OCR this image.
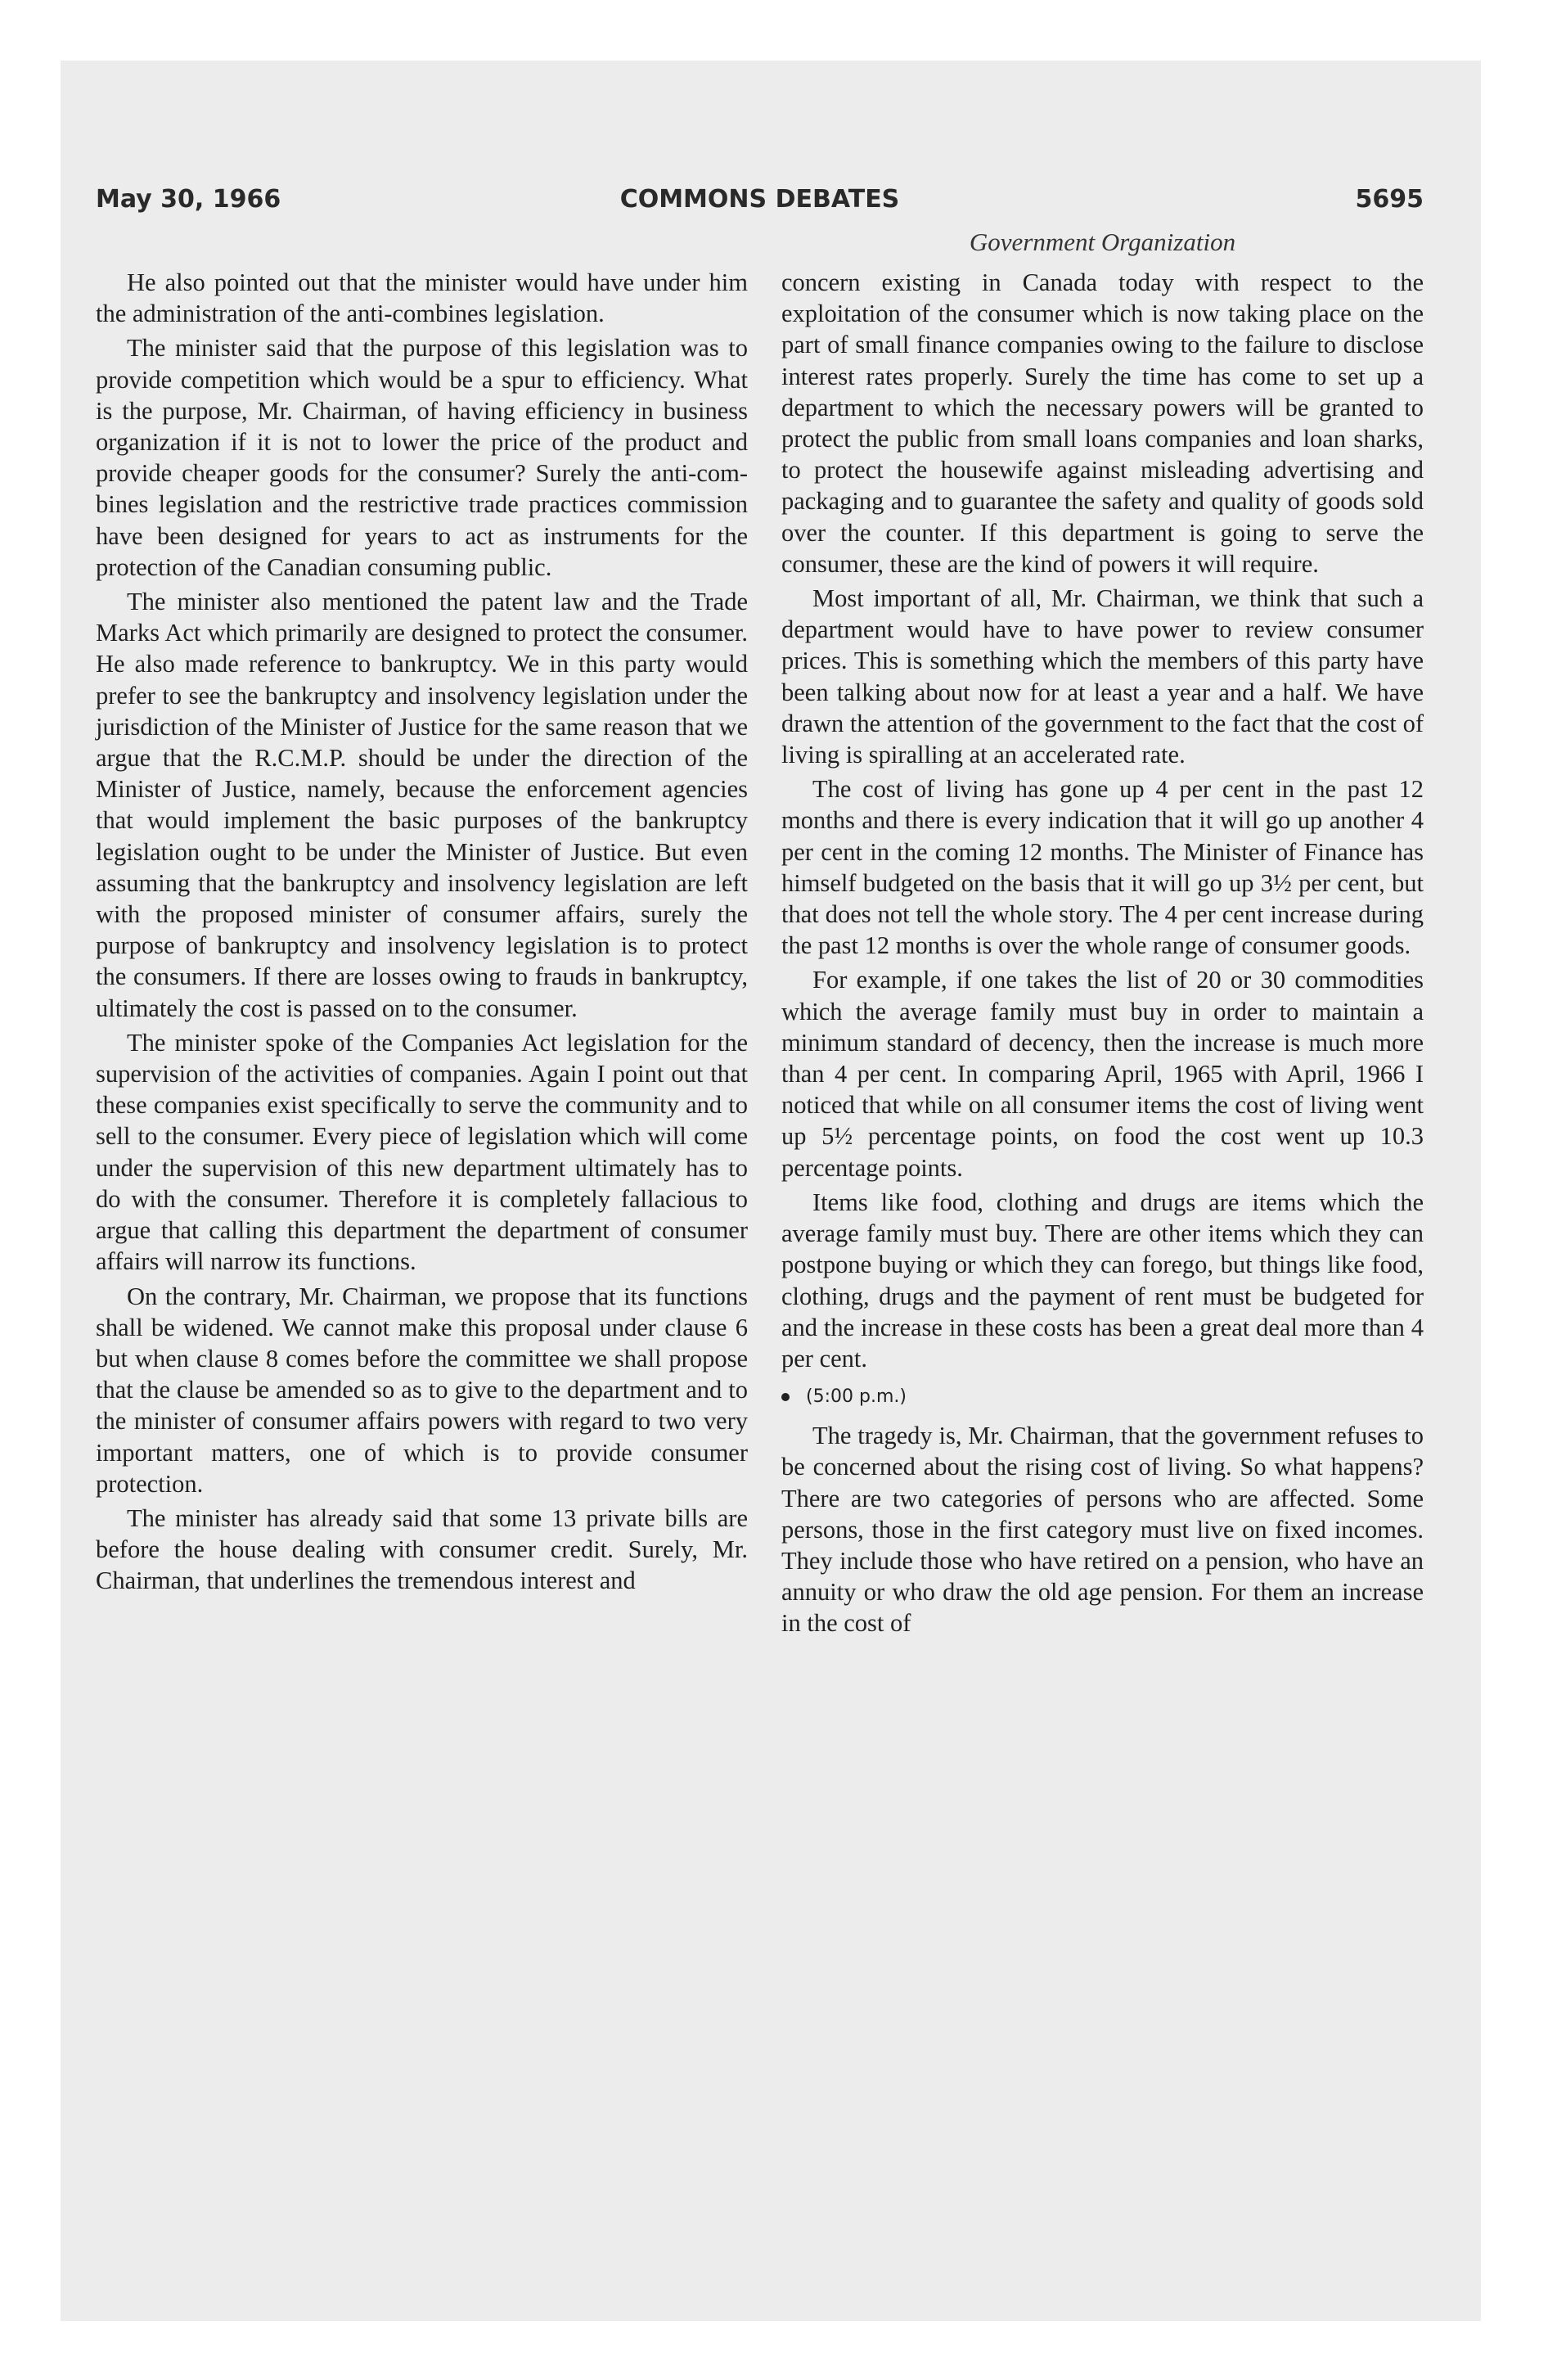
May 30, 1966	COMMONS DEBATES	5695
Government Organization

He also pointed out that the minister would have under him the administration of the anti-combines legislation.

The minister said that the purpose of this legislation was to provide competition which would be a spur to efficiency. What is the purpose, Mr. Chairman, of having efficiency in business organization if it is not to lower the price of the product and provide cheaper goods for the consumer? Surely the anti-combines legislation and the restrictive trade practices commission have been designed for years to act as instruments for the protection of the Canadian consuming public.

The minister also mentioned the patent law and the Trade Marks Act which primarily are designed to protect the consumer. He also made reference to bankruptcy. We in this party would prefer to see the bankruptcy and insolvency legislation under the jurisdiction of the Minister of Justice for the same reason that we argue that the R.C.M.P. should be under the direction of the Minister of Justice, namely, because the enforcement agencies that would implement the basic purposes of the bankruptcy legislation ought to be under the Minister of Justice. But even assuming that the bankruptcy and insolvency legislation are left with the proposed minister of consumer affairs, surely the purpose of bankruptcy and insolvency legislation is to protect the consumers. If there are losses owing to frauds in bankruptcy, ultimately the cost is passed on to the consumer.

The minister spoke of the Companies Act legislation for the supervision of the activities of companies. Again I point out that these companies exist specifically to serve the community and to sell to the consumer. Every piece of legislation which will come under the supervision of this new department ultimately has to do with the consumer. Therefore it is completely fallacious to argue that calling this department the department of consumer affairs will narrow its functions.

On the contrary, Mr. Chairman, we propose that its functions shall be widened. We cannot make this proposal under clause 6 but when clause 8 comes before the committee we shall propose that the clause be amended so as to give to the department and to the minister of consumer affairs powers with regard to two very important matters, one of which is to provide consumer protection.

The minister has already said that some 13 private bills are before the house dealing with consumer credit. Surely, Mr. Chairman, that underlines the tremendous interest and

concern existing in Canada today with respect to the exploitation of the consumer which is now taking place on the part of small finance companies owing to the failure to disclose interest rates properly. Surely the time has come to set up a department to which the necessary powers will be granted to protect the public from small loans companies and loan sharks, to protect the housewife against misleading advertising and packaging and to guarantee the safety and quality of goods sold over the counter. If this department is going to serve the consumer, these are the kind of powers it will require.

Most important of all, Mr. Chairman, we think that such a department would have to have power to review consumer prices. This is something which the members of this party have been talking about now for at least a year and a half. We have drawn the attention of the government to the fact that the cost of living is spiralling at an accelerated rate.

The cost of living has gone up 4 per cent in the past 12 months and there is every indication that it will go up another 4 per cent in the coming 12 months. The Minister of Finance has himself budgeted on the basis that it will go up 3½ per cent, but that does not tell the whole story. The 4 per cent increase during the past 12 months is over the whole range of consumer goods.

For example, if one takes the list of 20 or 30 commodities which the average family must buy in order to maintain a minimum standard of decency, then the increase is much more than 4 per cent. In comparing April, 1965 with April, 1966 I noticed that while on all consumer items the cost of living went up 5½ percentage points, on food the cost went up 10.3 percentage points.

Items like food, clothing and drugs are items which the average family must buy. There are other items which they can postpone buying or which they can forego, but things like food, clothing, drugs and the payment of rent must be budgeted for and the increase in these costs has been a great deal more than 4 per cent.

(5:00 p.m.)

The tragedy is, Mr. Chairman, that the government refuses to be concerned about the rising cost of living. So what happens? There are two categories of persons who are affected. Some persons, those in the first category must live on fixed incomes. They include those who have retired on a pension, who have an annuity or who draw the old age pension. For them an increase in the cost of
